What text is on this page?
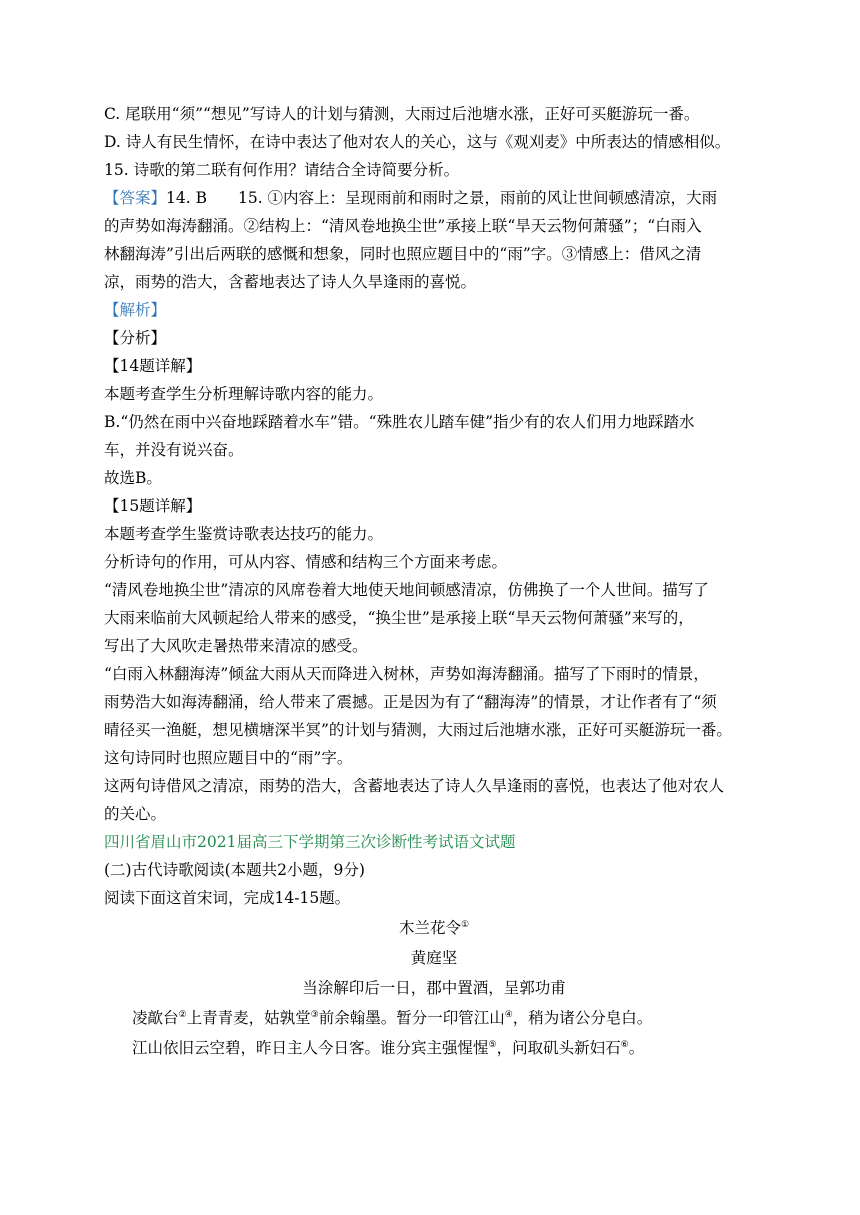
C. 尾联用“须”“想见”写诗人的计划与猜测，大雨过后池塘水涨，正好可买艇游玩一番。
D. 诗人有民生情怀，在诗中表达了他对农人的关心，这与《观刈麦》中所表达的情感相似。
15. 诗歌的第二联有何作用？请结合全诗简要分析。
【答案】14. B　　15. ①内容上：呈现雨前和雨时之景，雨前的风让世间顿感清凉，大雨
的声势如海涛翻涌。②结构上：“清风卷地换尘世”承接上联“旱天云物何萧骚”；“白雨入
林翻海涛”引出后两联的感慨和想象，同时也照应题目中的“雨”字。③情感上：借风之清
凉，雨势的浩大，含蓄地表达了诗人久旱逢雨的喜悦。
【解析】
【分析】
【14题详解】
本题考查学生分析理解诗歌内容的能力。
B.“仍然在雨中兴奋地踩踏着水车”错。“殊胜农儿踏车健”指少有的农人们用力地踩踏水
车，并没有说兴奋。
故选B。
【15题详解】
本题考查学生鉴赏诗歌表达技巧的能力。
分析诗句的作用，可从内容、情感和结构三个方面来考虑。
“清风卷地换尘世”清凉的风席卷着大地使天地间顿感清凉，仿佛换了一个人世间。描写了
大雨来临前大风顿起给人带来的感受，“换尘世”是承接上联“旱天云物何萧骚”来写的，
写出了大风吹走暑热带来清凉的感受。
“白雨入林翻海涛”倾盆大雨从天而降进入树林，声势如海涛翻涌。描写了下雨时的情景，
雨势浩大如海涛翻涌，给人带来了震撼。正是因为有了“翻海涛”的情景，才让作者有了“须
晴径买一渔艇，想见横塘深半冥”的计划与猜测，大雨过后池塘水涨，正好可买艇游玩一番。
这句诗同时也照应题目中的“雨”字。
这两句诗借风之清凉，雨势的浩大，含蓄地表达了诗人久旱逢雨的喜悦，也表达了他对农人
的关心。
四川省眉山市2021届高三下学期第三次诊断性考试语文试题
(二)古代诗歌阅读(本题共2小题，9分)
阅读下面这首宋词，完成14-15题。
木兰花令①
黄庭坚
当涂解印后一日，郡中置酒，呈郭功甫
凌歊台②上青青麦，姑孰堂③前余翰墨。暂分一印管江山④，稍为诸公分皂白。
江山依旧云空碧，昨日主人今日客。谁分宾主强惺惺⑤，问取矶头新妇石⑥。
